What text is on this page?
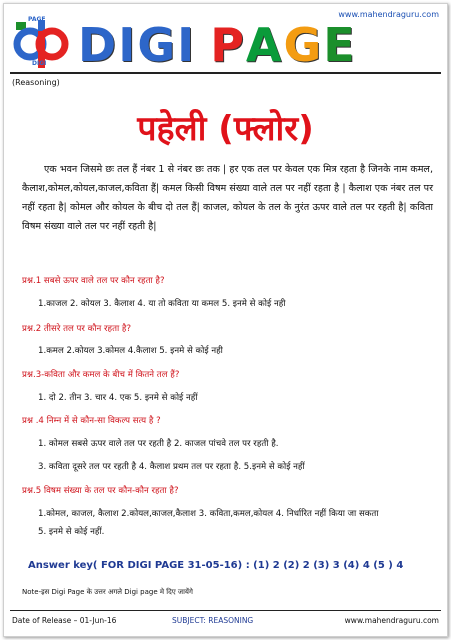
www.mahendraguru.com
PAGE
DIGI D I G I P A G E
(Reasoning)
पहेली (फ्लोर)
एक भवन जिसमे छः तल हैं नंबर 1 से नंबर छः तक | हर एक तल पर केवल एक मित्र रहता है जिनके नाम कमल, कैलाश,कोमल,कोयल,काजल,कविता हैं| कमल किसी विषम संख्या वाले तल पर नहीं रहता है | कैलाश एक नंबर तल पर नहीं रहता है| कोमल और कोयल के बीच दो तल हैं| काजल, कोयल के तल के नुरंत ऊपर वाले तल पर रहती है| कविता विषम संख्या वाले तल पर नहीं रहती है|
प्रश्न.1 सबसे ऊपर वाले तल पर कौन रहता है?
1.काजल 2. कोयल 3. कैलाश 4. या तो कविता या कमल 5. इनमे से कोई नही
प्रश्न.2 तीसरे तल पर कौन रहता है?
1.कमल 2.कोयल 3.कोमल 4.कैलाश 5. इनमे से कोई नही
प्रश्न.3-कविता और कमल के बीच में कितने तल हैं?
1. दो 2. तीन 3. चार 4. एक 5. इनमे से कोई नहीं
प्रश्न .4 निम्न में से कौन-सा विकल्प सत्य है ?
1. कोमल सबसे ऊपर वाले तल पर रहती है 2. काजल पांचवे तल पर रहती है.
3. कविता दूसरे तल पर रहती है 4. कैलाश प्रथम तल पर रहता है. 5.इनमे से कोई नहीं
प्रश्न.5 विषम संख्या के तल पर कौन-कौन रहता है?
1.कोमल, काजल, कैलाश 2.कोयल,काजल,कैलाश 3. कविता,कमल,कोयल 4. निर्धारित नहीं किया जा सकता
5. इनमे से कोई नहीं.
Answer key( FOR DIGI PAGE 31-05-16) : (1) 2 (2) 2 (3) 3 (4) 4 (5 ) 4
Note-इस Digi Page के उत्तर अगले Digi page मे दिए जायेंगे
Date of Release – 01-Jun-16	SUBJECT: REASONING	www.mahendraguru.com
